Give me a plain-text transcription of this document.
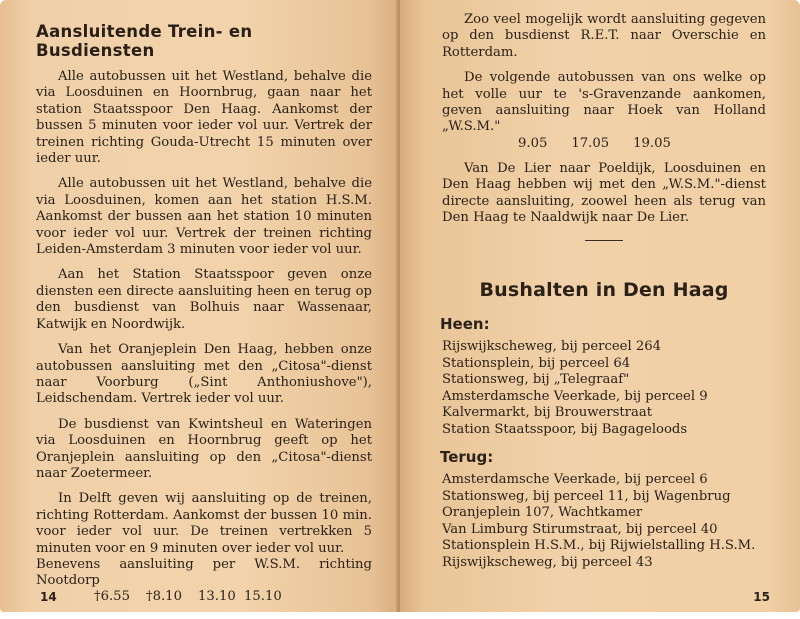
Aansluitende Trein- en Busdiensten

Alle autobussen uit het Westland, behalve die via Loosduinen en Hoornbrug, gaan naar het station Staatsspoor Den Haag. Aankomst der bussen 5 minuten voor ieder vol uur. Vertrek der treinen richting Gouda-Utrecht 15 minuten over ieder uur.

Alle autobussen uit het Westland, behalve die via Loosduinen, komen aan het station H.S.M. Aankomst der bussen aan het station 10 minuten voor ieder vol uur. Vertrek der treinen richting Leiden-Amsterdam 3 minuten voor ieder vol uur.

Aan het Station Staatsspoor geven onze diensten een directe aansluiting heen en terug op den busdienst van Bolhuis naar Wassenaar, Katwijk en Noordwijk.

Van het Oranjeplein Den Haag, hebben onze autobussen aansluiting met den „Citosa"-dienst naar Voorburg („Sint Anthoniushove"), Leidschendam. Vertrek ieder vol uur.

De busdienst van Kwintsheul en Wateringen via Loosduinen en Hoornbrug geeft op het Oranjeplein aansluiting op den „Citosa"-dienst naar Zoetermeer.

In Delft geven wij aansluiting op de treinen, richting Rotterdam. Aankomst der bussen 10 min. voor ieder vol uur. De treinen vertrekken 5 minuten voor en 9 minuten over ieder vol uur.

Benevens aansluiting per W.S.M. richting Nootdorp

†6.55 †8.10 13.10 15.10
14

Zoo veel mogelijk wordt aansluiting gegeven op den busdienst R.E.T. naar Overschie en Rotterdam.

De volgende autobussen van ons welke op het volle uur te 's-Gravenzande aankomen, geven aansluiting naar Hoek van Holland „W.S.M."

9.05 17.05 19.05

Van De Lier naar Poeldijk, Loosduinen en Den Haag hebben wij met den „W.S.M."-dienst directe aansluiting, zoowel heen als terug van Den Haag te Naaldwijk naar De Lier.

Bushalten in Den Haag
Heen:
Rijswijkscheweg, bij perceel 264
Stationsplein, bij perceel 64
Stationsweg, bij „Telegraaf"
Amsterdamsche Veerkade, bij perceel 9
Kalvermarkt, bij Brouwerstraat
Station Staatsspoor, bij Bagageloods
Terug:
Amsterdamsche Veerkade, bij perceel 6
Stationsweg, bij perceel 11, bij Wagenbrug
Oranjeplein 107, Wachtkamer
Van Limburg Stirumstraat, bij perceel 40
Stationsplein H.S.M., bij Rijwielstalling H.S.M.
Rijswijkscheweg, bij perceel 43
15
